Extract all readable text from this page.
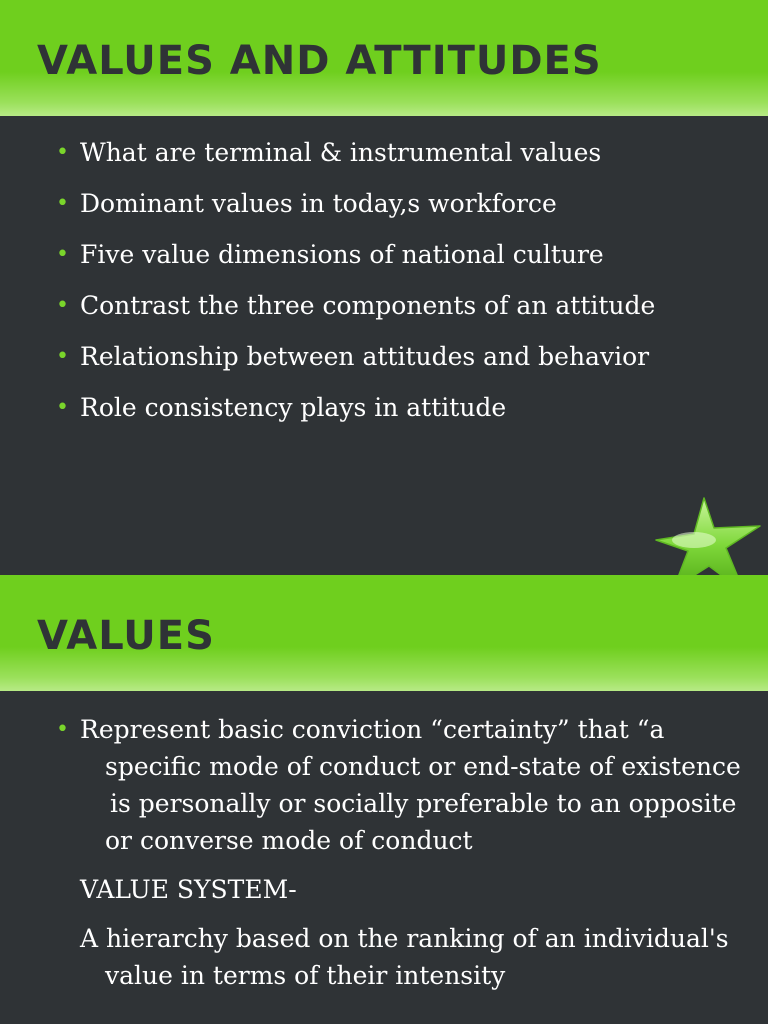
VALUES AND ATTITUDES
• What are terminal & instrumental values
• Dominant values in today,s workforce
• Five value dimensions of national culture
• Contrast the three components of an attitude
• Relationship between attitudes and behavior
• Role consistency plays in attitude
VALUES
• Represent basic conviction “certainty” that “a
specific mode of conduct or end-state of existence
is personally or socially preferable to an opposite
or converse mode of conduct
VALUE SYSTEM-
A hierarchy based on the ranking of an individual's
value in terms of their intensity
